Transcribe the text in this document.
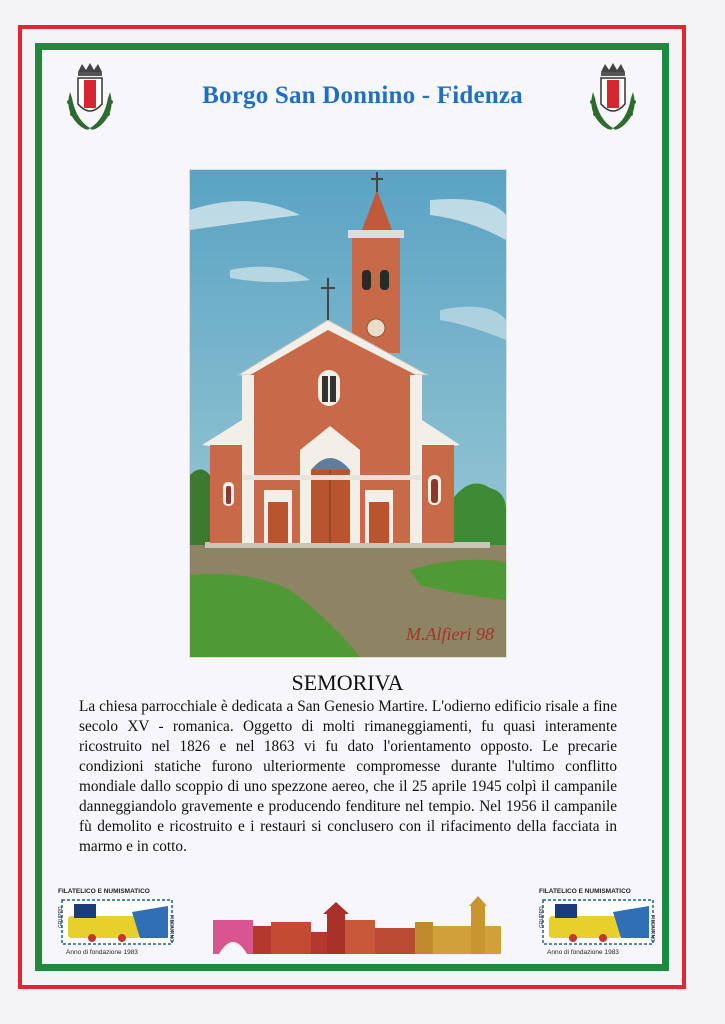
Borgo San Donnino - Fidenza
M.Alfieri 98
SEMORIVA
La chiesa parrocchiale è dedicata a San Genesio Martire. L'odierno edificio risale a fine secolo XV - romanica. Oggetto di molti rimaneggiamenti, fu quasi interamente ricostruito nel 1826 e nel 1863 vi fu dato l'orientamento opposto. Le precarie condizioni statiche furono ulteriormente compromesse durante l'ultimo conflitto mondiale dallo scoppio di uno spezzone aereo, che il 25 aprile 1945 colpì il campanile danneggiandolo gravemente e producendo fenditure nel tempio. Nel 1956 il campanile fù demolito e ricostruito e i restauri si conclusero con il rifacimento della facciata in marmo e in cotto.
FILATELICO E NUMISMATICO
GRUPPO	FIDENTINO
Anno di fondazione 1983
FILATELICO E NUMISMATICO
GRUPPO	FIDENTINO
Anno di fondazione 1983
